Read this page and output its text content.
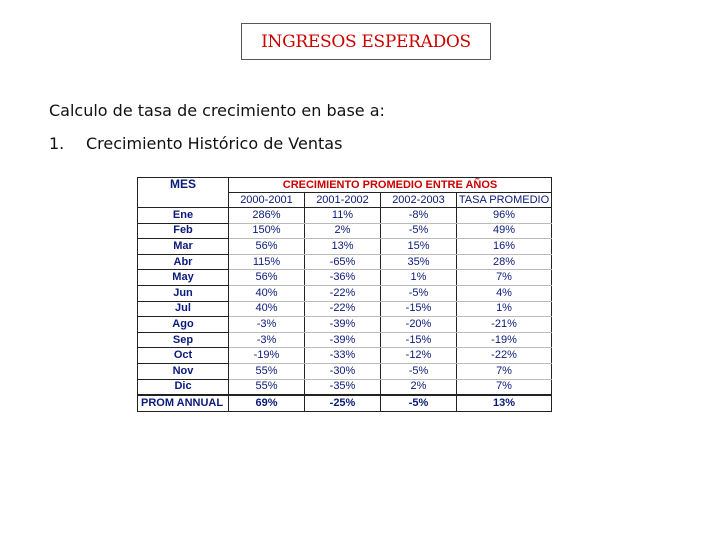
INGRESOS ESPERADOS
Calculo de tasa de crecimiento en base a:
1.	Crecimiento Histórico de Ventas
MES	CRECIMIENTO PROMEDIO ENTRE AÑOS			
	2000-2001	2001-2002	2002-2003	TASA PROMEDIO
Ene	286%	11%	-8%	96%
Feb	150%	2%	-5%	49%
Mar	56%	13%	15%	16%
Abr	115%	-65%	35%	28%
May	56%	-36%	1%	7%
Jun	40%	-22%	-5%	4%
Jul	40%	-22%	-15%	1%
Ago	-3%	-39%	-20%	-21%
Sep	-3%	-39%	-15%	-19%
Oct	-19%	-33%	-12%	-22%
Nov	55%	-30%	-5%	7%
Dic	55%	-35%	2%	7%
PROM ANNUAL	69%	-25%	-5%	13%
